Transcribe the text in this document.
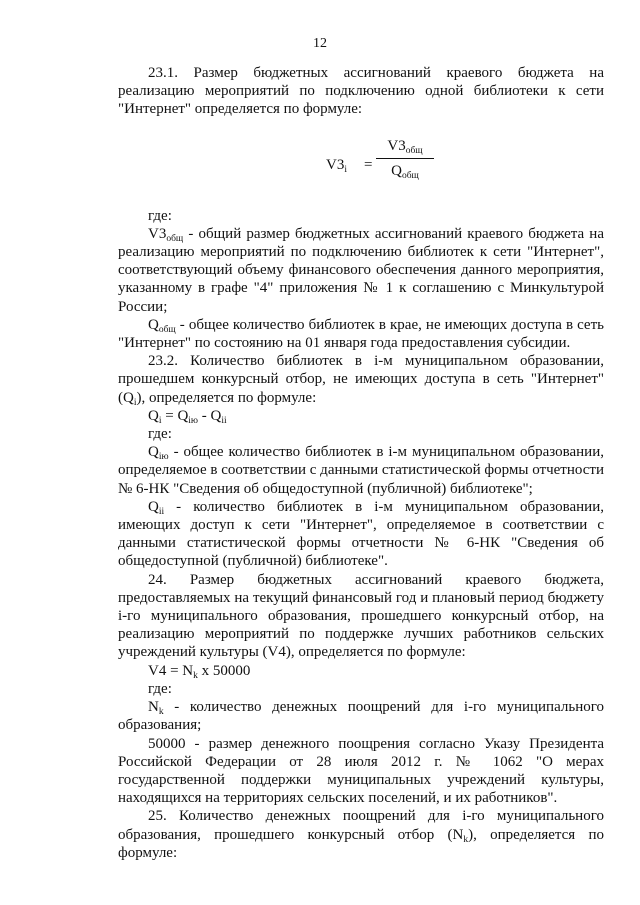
12

23.1. Размер бюджетных ассигнований краевого бюджета на реализацию мероприятий по подключению одной библиотеки к сети "Интернет" определяется по формуле:

$V3_i$ =
$V3_{общ}$
$Q_{общ}$

где:

$V3_{общ}$ - общий размер бюджетных ассигнований краевого бюджета на реализацию мероприятий по подключению библиотек к сети "Интернет", соответствующий объему финансового обеспечения данного мероприятия, указанному в графе "4" приложения № 1 к соглашению с Минкультурой России;

$Q_{общ}$ - общее количество библиотек в крае, не имеющих доступа в сеть "Интернет" по состоянию на 01 января года предоставления субсидии.

23.2. Количество библиотек в i-м муниципальном образовании, прошедшем конкурсный отбор, не имеющих доступа в сеть "Интернет" $(Q_i)$, определяется по формуле:

$Q_i = Q_{iю} - Q_{ii}$

где:

$Q_{iю}$ - общее количество библиотек в i-м муниципальном образовании, определяемое в соответствии с данными статистической формы отчетности № 6-НК "Сведения об общедоступной (публичной) библиотеке";

$Q_{ii}$ - количество библиотек в i-м муниципальном образовании, имеющих доступ к сети "Интернет", определяемое в соответствии с данными статистической формы отчетности № 6-НК "Сведения об общедоступной (публичной) библиотеке".

24. Размер бюджетных ассигнований краевого бюджета, предоставляемых на текущий финансовый год и плановый период бюджету i-го муниципального образования, прошедшего конкурсный отбор, на реализацию мероприятий по поддержке лучших работников сельских учреждений культуры (V4), определяется по формуле:

$V4 = N_k$ x 50000

где:

$N_k$ - количество денежных поощрений для i-го муниципального образования;

50000 - размер денежного поощрения согласно Указу Президента Российской Федерации от 28 июля 2012 г. № 1062 "О мерах государственной поддержки муниципальных учреждений культуры, находящихся на территориях сельских поселений, и их работников".

25. Количество денежных поощрений для i-го муниципального образования, прошедшего конкурсный отбор $(N_k)$, определяется по формуле:
